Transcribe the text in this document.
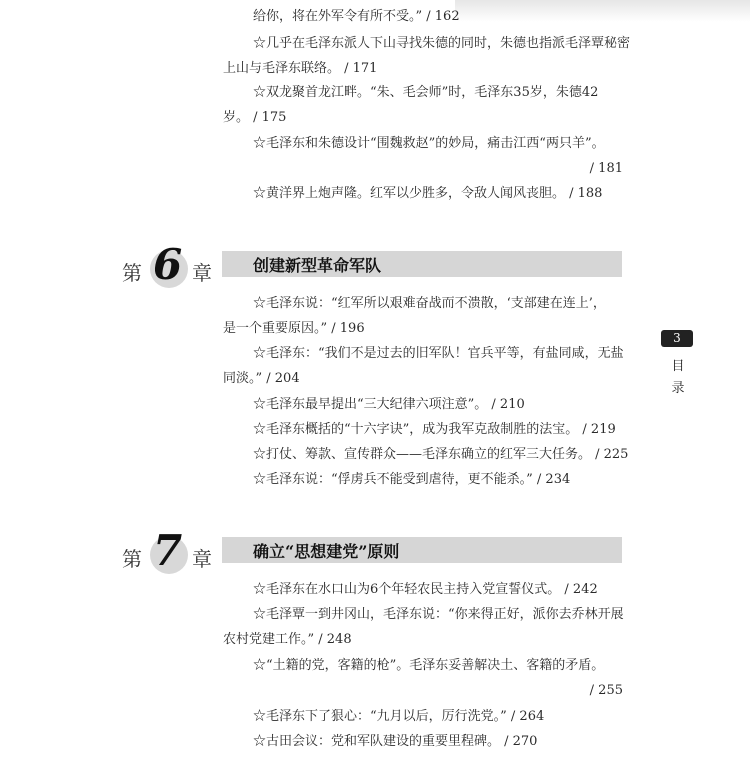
给你，将在外军令有所不受。” / 162
☆几乎在毛泽东派人下山寻找朱德的同时，朱德也指派毛泽覃秘密
上山与毛泽东联络。 / 171
☆双龙聚首龙江畔。“朱、毛会师”时，毛泽东35岁，朱德42
岁。 / 175
☆毛泽东和朱德设计“围魏救赵”的妙局，痛击江西“两只羊”。
/ 181
☆黄洋界上炮声隆。红军以少胜多，令敌人闻风丧胆。 / 188
第 6 章	创建新型革命军队
☆毛泽东说：“红军所以艰难奋战而不溃散，‘支部建在连上’，
是一个重要原因。” / 196
☆毛泽东：“我们不是过去的旧军队！官兵平等，有盐同咸，无盐
同淡。” / 204
☆毛泽东最早提出“三大纪律六项注意”。 / 210
☆毛泽东概括的“十六字诀”，成为我军克敌制胜的法宝。 / 219
☆打仗、筹款、宣传群众——毛泽东确立的红军三大任务。 / 225
☆毛泽东说：“俘虏兵不能受到虐待，更不能杀。” / 234
第 7 章	确立“思想建党”原则
☆毛泽东在水口山为6个年轻农民主持入党宣誓仪式。 / 242
☆毛泽覃一到井冈山，毛泽东说：“你来得正好，派你去乔林开展
农村党建工作。” / 248
☆“土籍的党，客籍的枪”。毛泽东妥善解决土、客籍的矛盾。
/ 255
☆毛泽东下了狠心：“九月以后，厉行洗党。” / 264
☆古田会议：党和军队建设的重要里程碑。 / 270
3
目
录
